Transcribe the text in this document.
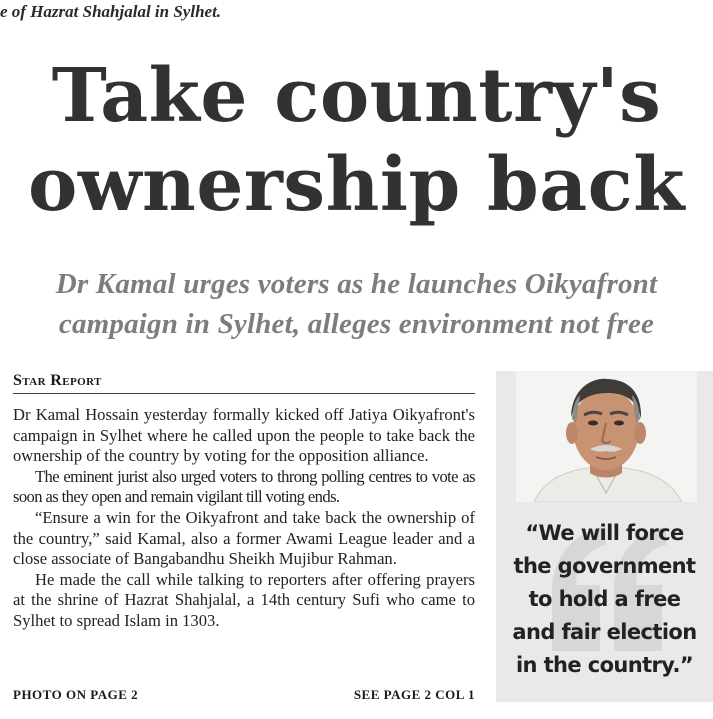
e of Hazrat Shahjalal in Sylhet.
Take country's
ownership back
Dr Kamal urges voters as he launches Oikyafront
campaign in Sylhet, alleges environment not free
Star Report

Dr Kamal Hossain yesterday formally kicked off Jatiya Oikyafront's campaign in Sylhet where he called upon the people to take back the ownership of the country by voting for the opposition alliance.

The eminent jurist also urged voters to throng polling centres to vote as soon as they open and remain vigilant till voting ends.

“Ensure a win for the Oikyafront and take back the ownership of the country,” said Kamal, also a former Awami League leader and a close associate of Bangabandhu Sheikh Mujibur Rahman.

He made the call while talking to reporters after offering prayers at the shrine of Hazrat Shahjalal, a 14th century Sufi who came to Sylhet to spread Islam in 1303.

PHOTO ON PAGE 2	SEE PAGE 2 COL 1
“We will force the government to hold a free and fair election in the country.”
